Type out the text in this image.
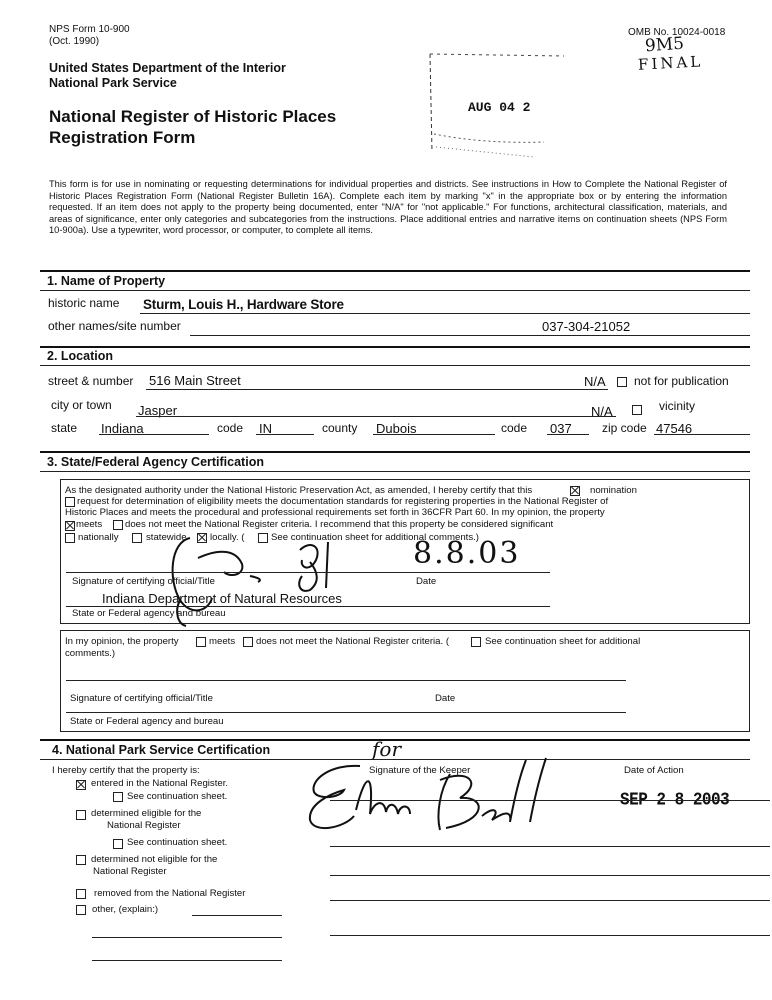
NPS Form 10-900
(Oct. 1990)
OMB No. 10024-0018
9M5
FINAL
United States Department of the Interior
National Park Service
AUG 04 2
National Register of Historic Places
Registration Form
This form is for use in nominating or requesting determinations for individual properties and districts. See instructions in How to Complete the National Register of Historic Places Registration Form (National Register Bulletin 16A). Complete each item by marking "x" in the appropriate box or by entering the information requested. If an item does not apply to the property being documented, enter "N/A" for "not applicable." For functions, architectural classification, materials, and areas of significance, enter only categories and subcategories from the instructions. Place additional entries and narrative items on continuation sheets (NPS Form 10-900a). Use a typewriter, word processor, or computer, to complete all items.
1. Name of Property
historic name Sturm, Louis H., Hardware Store
other names/site number	037-304-21052
2. Location
street & number 516 Main Street	N/A not for publication
city or town Jasper	N/A	vicinity
state Indiana	code IN	county Dubois	code 037	zip code 47546
3. State/Federal Agency Certification
As the designated authority under the National Historic Preservation Act, as amended, I hereby certify that this	nomination
request for determination of eligibility meets the documentation standards for registering properties in the National Register of
Historic Places and meets the procedural and professional requirements set forth in 36CFR Part 60. In my opinion, the property
meets does not meet the National Register criteria. I recommend that this property be considered significant
nationally	statewide locally. (	See continuation sheet for additional comments.)
8.8.03
Signature of certifying official/Title	Date
Indiana Department of Natural Resources
State or Federal agency and bureau
In my opinion, the property	meets does not meet the National Register criteria. (	See continuation sheet for additional
comments.)
Signature of certifying official/Title	Date
State or Federal agency and bureau
4. National Park Service Certification
I hereby certify that the property is:
entered in the National Register.
See continuation sheet.
determined eligible for the
National Register
See continuation sheet.
determined not eligible for the
National Register
removed from the National Register
other, (explain:)
Signature of the Keeper	Date of Action
for
SEP 2 8 2003
